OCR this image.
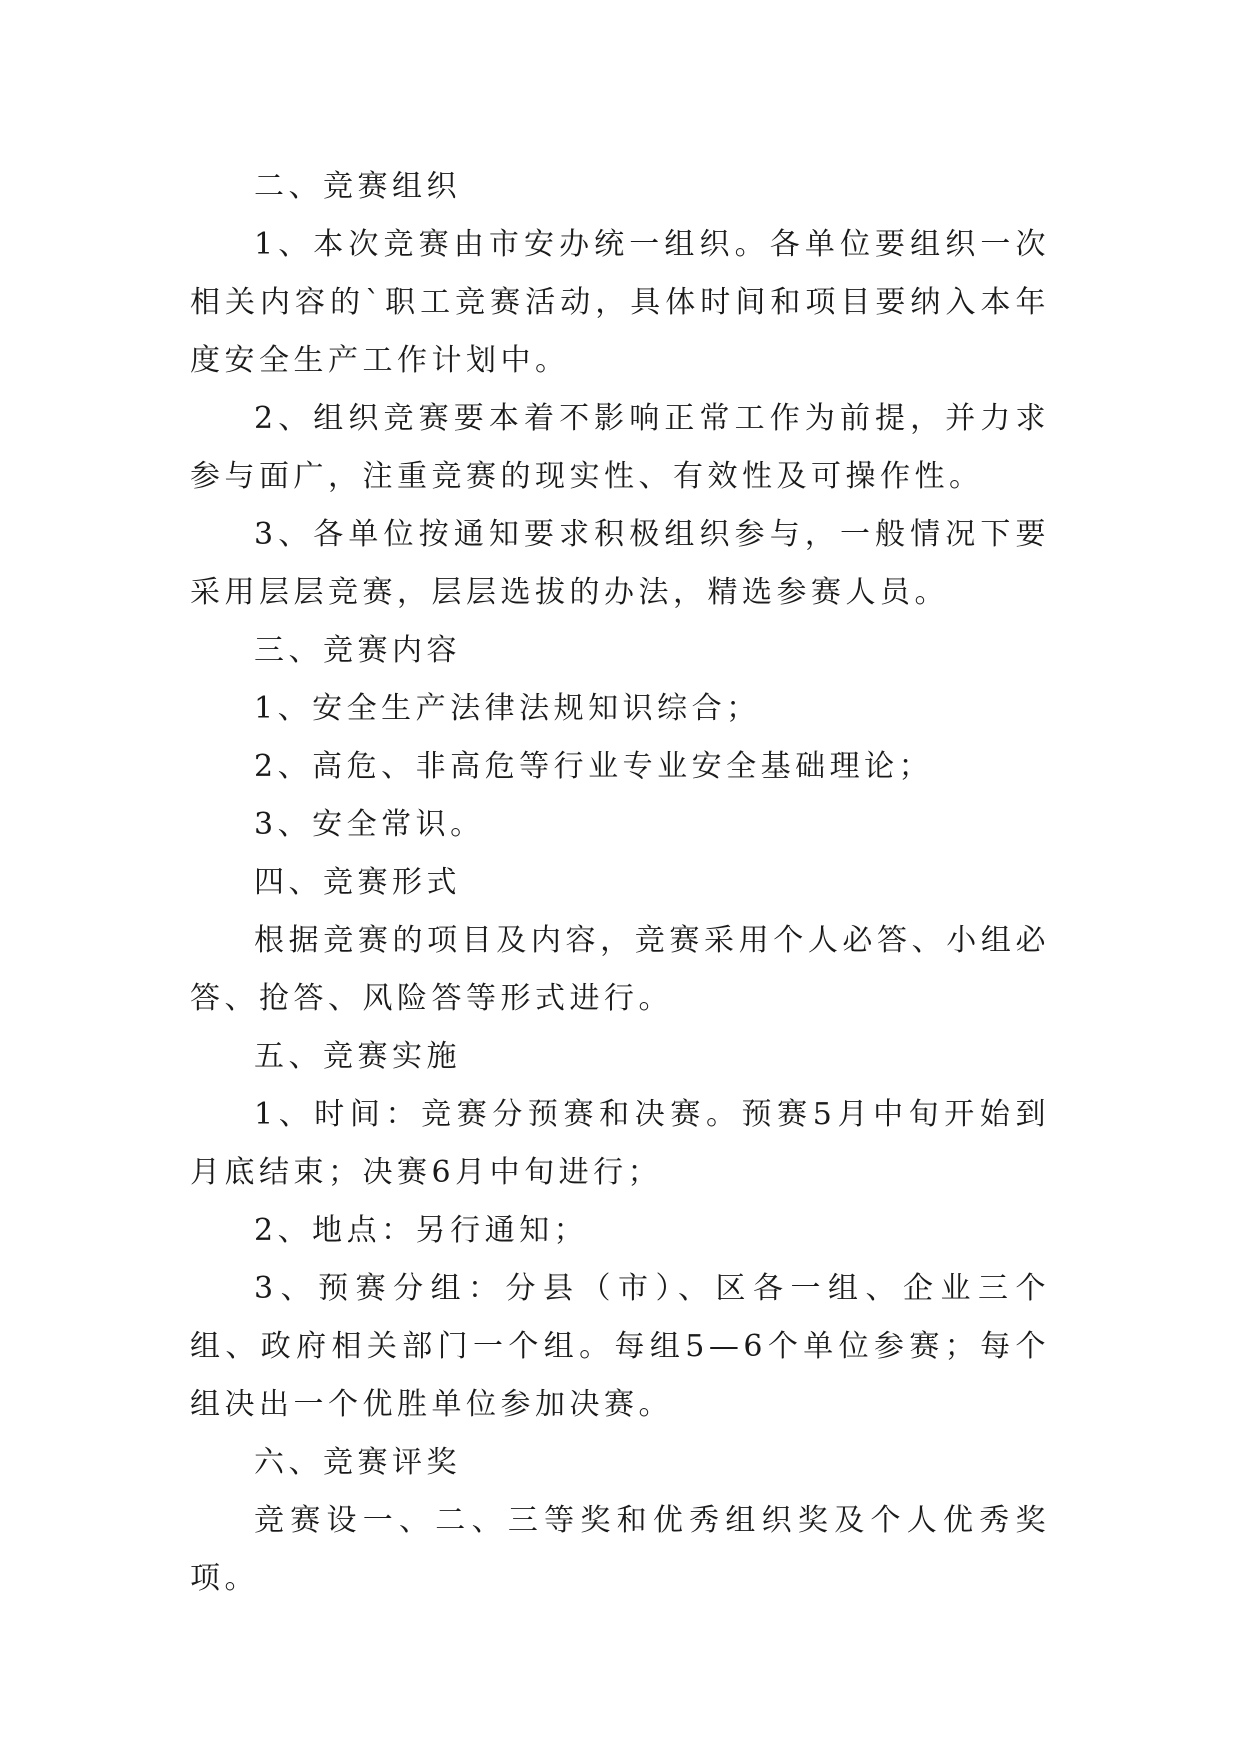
二、竞赛组织

1、本次竞赛由市安办统一组织。各单位要组织一次相关内容的`职工竞赛活动，具体时间和项目要纳入本年度安全生产工作计划中。

2、组织竞赛要本着不影响正常工作为前提，并力求参与面广，注重竞赛的现实性、有效性及可操作性。

3、各单位按通知要求积极组织参与，一般情况下要采用层层竞赛，层层选拔的办法，精选参赛人员。

三、竞赛内容

1、安全生产法律法规知识综合；

2、高危、非高危等行业专业安全基础理论；

3、安全常识。

四、竞赛形式

根据竞赛的项目及内容，竞赛采用个人必答、小组必答、抢答、风险答等形式进行。

五、竞赛实施

1、时间：竞赛分预赛和决赛。预赛5月中旬开始到月底结束；决赛6月中旬进行；

2、地点：另行通知；

3、预赛分组：分县（市）、区各一组、企业三个组、政府相关部门一个组。每组5—6个单位参赛；每个组决出一个优胜单位参加决赛。

六、竞赛评奖

竞赛设一、二、三等奖和优秀组织奖及个人优秀奖项。
